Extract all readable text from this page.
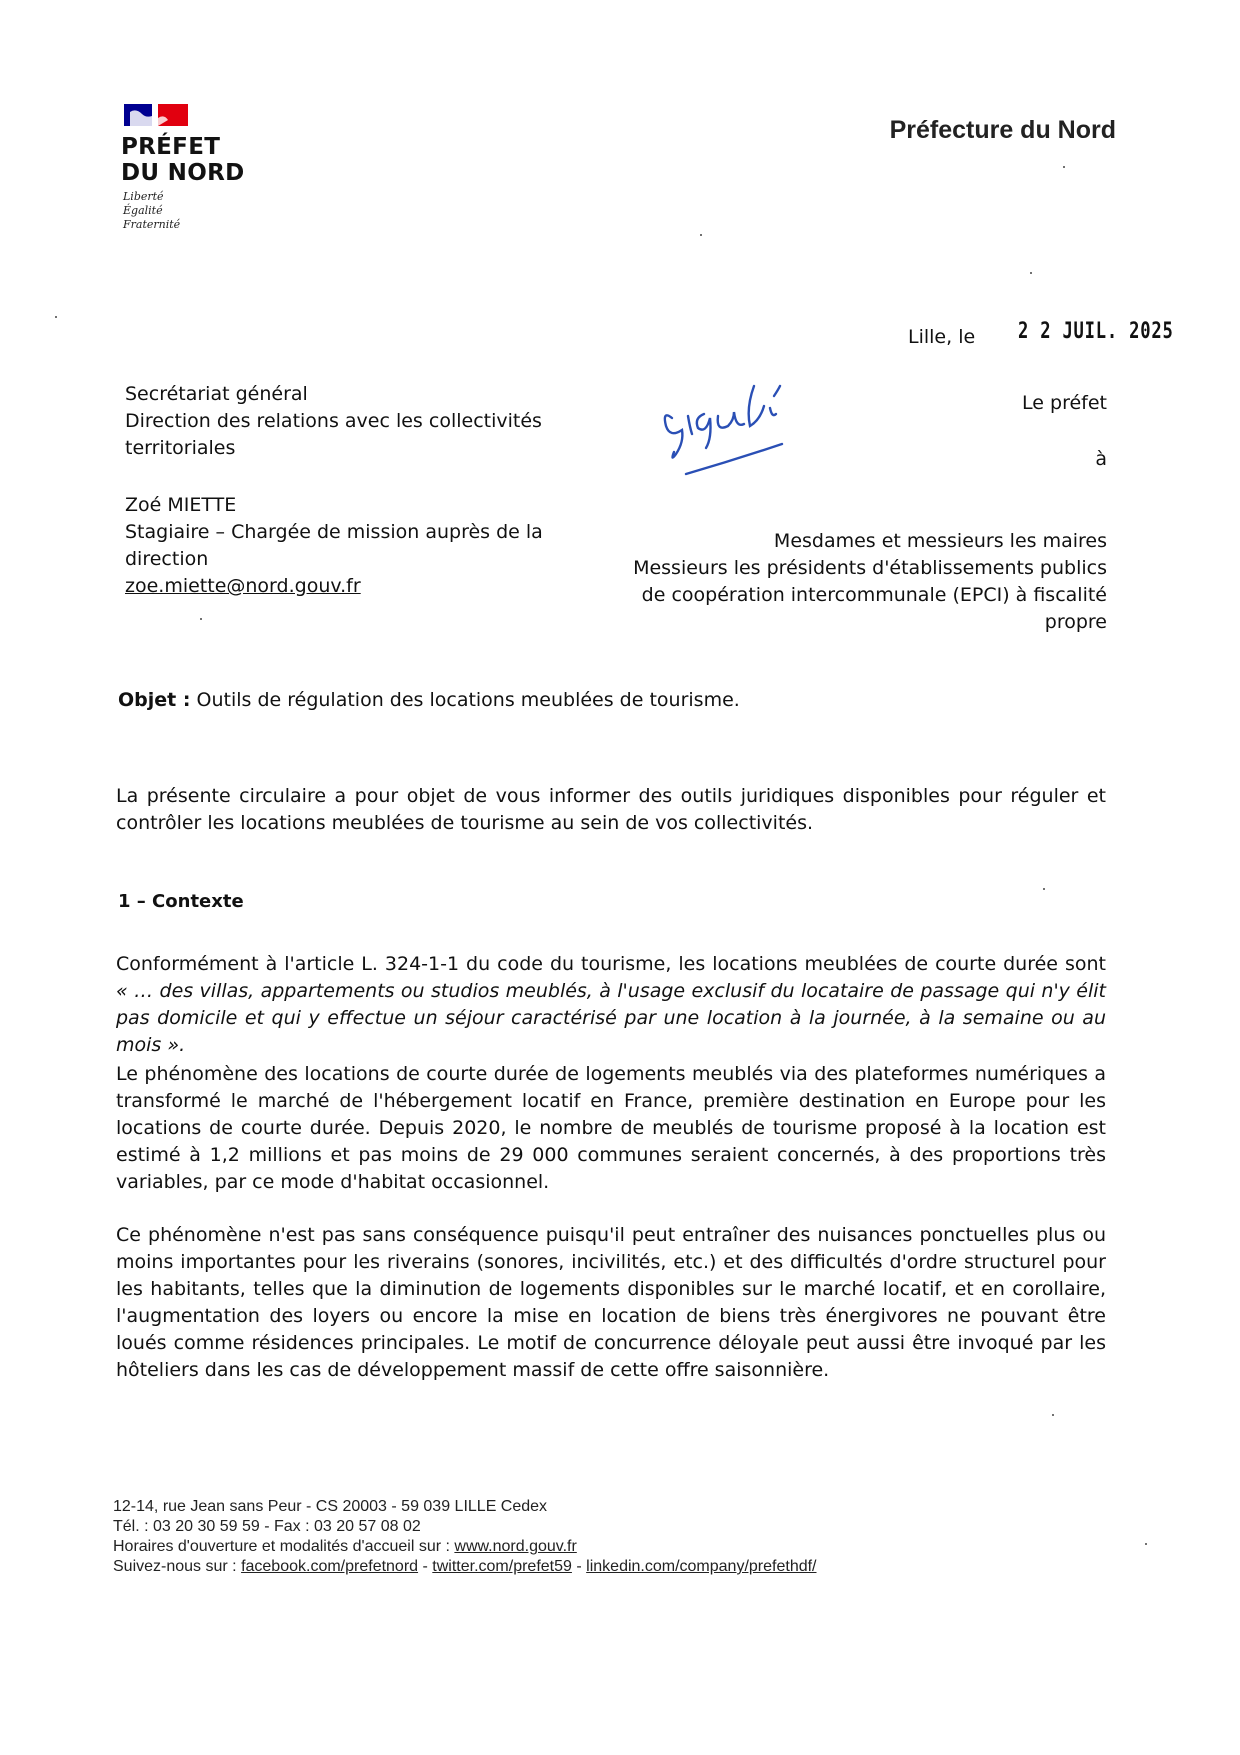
PRÉFET
DU NORD
Liberté
Égalité
Fraternité
Préfecture du Nord
Lille, le 2 2 JUIL. 2025

Secrétariat général

Direction des relations avec les collectivités

territoriales

Zoé MIETTE

Stagiaire – Chargée de mission auprès de la

direction

zoe.miette@nord.gouv.fr

Le préfet
à

Mesdames et messieurs les maires

Messieurs les présidents d'établissements publics

de coopération intercommunale (EPCI) à fiscalité

propre

Objet : Outils de régulation des locations meublées de tourisme.

La présente circulaire a pour objet de vous informer des outils juridiques disponibles pour réguler et contrôler les locations meublées de tourisme au sein de vos collectivités.

1 – Contexte

Conformément à l'article L. 324-1-1 du code du tourisme, les locations meublées de courte durée sont « … des villas, appartements ou studios meublés, à l'usage exclusif du locataire de passage qui n'y élit pas domicile et qui y effectue un séjour caractérisé par une location à la journée, à la semaine ou au mois ».

Le phénomène des locations de courte durée de logements meublés via des plateformes numériques a transformé le marché de l'hébergement locatif en France, première destination en Europe pour les locations de courte durée. Depuis 2020, le nombre de meublés de tourisme proposé à la location est estimé à 1,2 millions et pas moins de 29 000 communes seraient concernés, à des proportions très variables, par ce mode d'habitat occasionnel.

Ce phénomène n'est pas sans conséquence puisqu'il peut entraîner des nuisances ponctuelles plus ou moins importantes pour les riverains (sonores, incivilités, etc.) et des difficultés d'ordre structurel pour les habitants, telles que la diminution de logements disponibles sur le marché locatif, et en corollaire, l'augmentation des loyers ou encore la mise en location de biens très énergivores ne pouvant être loués comme résidences principales. Le motif de concurrence déloyale peut aussi être invoqué par les hôteliers dans les cas de développement massif de cette offre saisonnière.

12-14, rue Jean sans Peur - CS 20003 - 59 039 LILLE Cedex

Tél. : 03 20 30 59 59 - Fax : 03 20 57 08 02

Horaires d'ouverture et modalités d'accueil sur : www.nord.gouv.fr

Suivez-nous sur : facebook.com/prefetnord - twitter.com/prefet59 - linkedin.com/company/prefethdf/
